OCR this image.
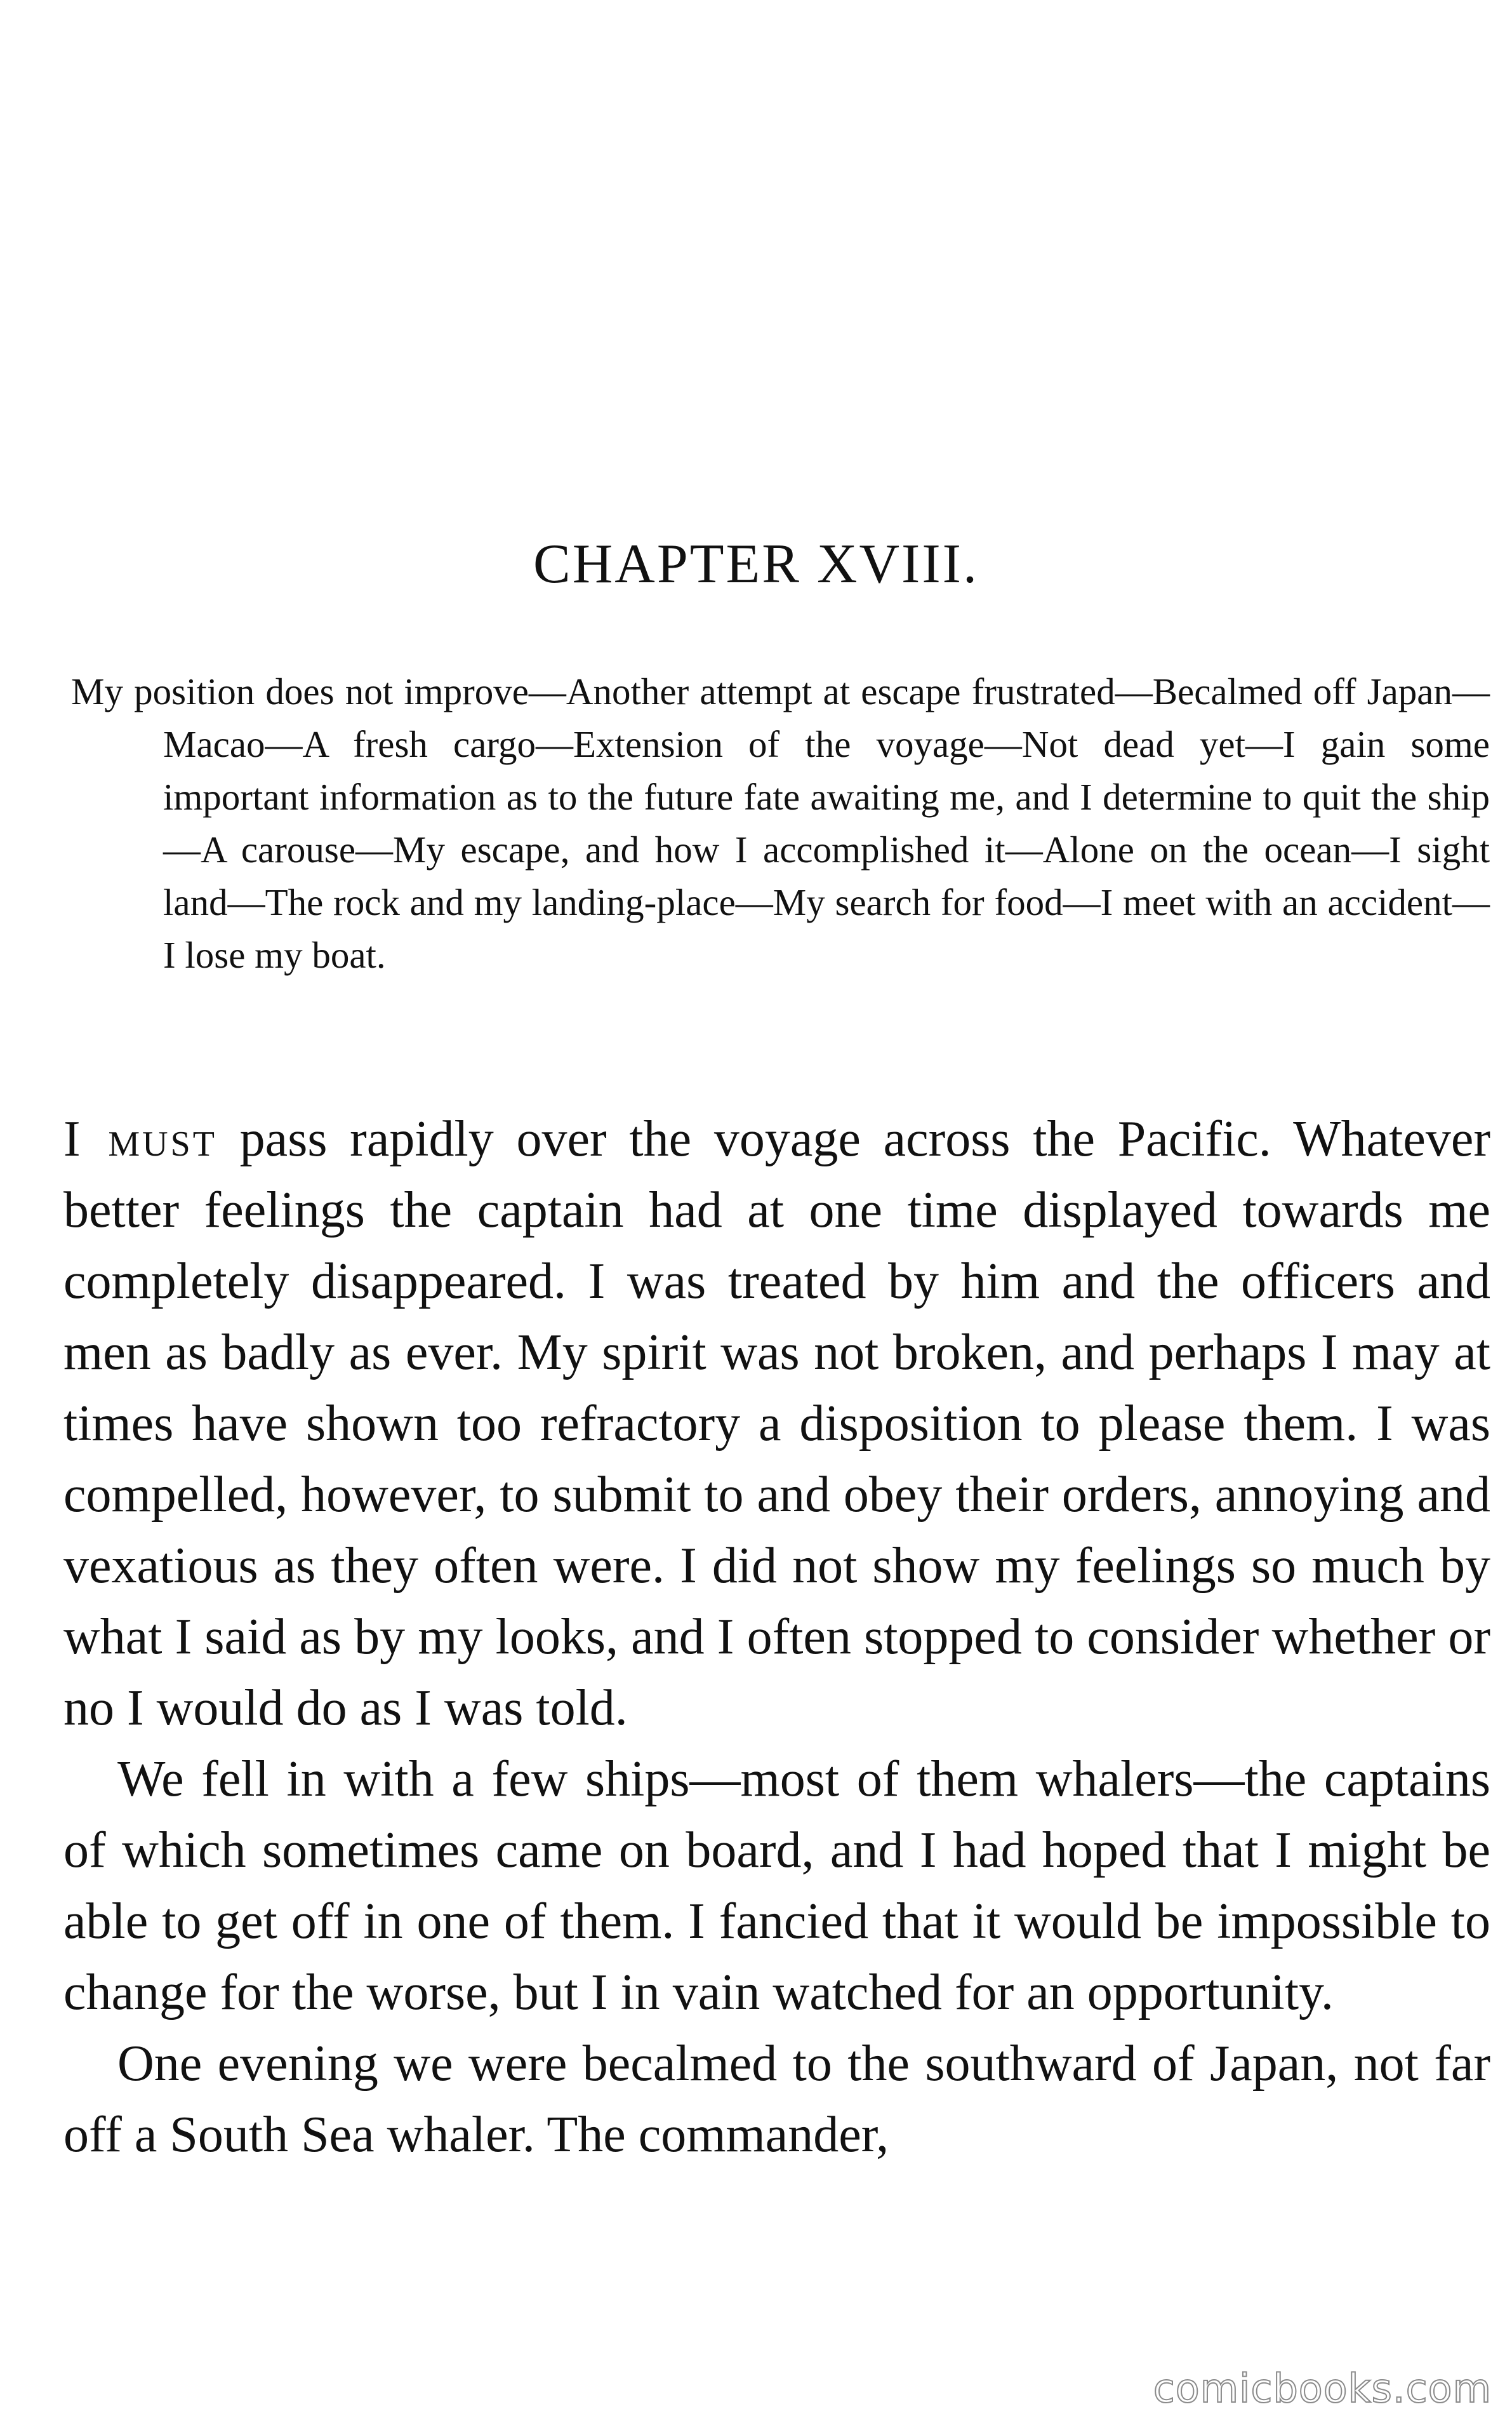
CHAPTER XVIII.
My position does not improve—Another attempt at escape frustrated—Becalmed off Japan—Macao—A fresh cargo—Extension of the voyage—Not dead yet—I gain some important information as to the future fate awaiting me, and I determine to quit the ship—A carouse—My escape, and how I accomplished it—Alone on the ocean—I sight land—The rock and my landing-place—My search for food—I meet with an accident—I lose my boat.

I must pass rapidly over the voyage across the Pacific. Whatever better feelings the captain had at one time displayed towards me completely disappeared. I was treated by him and the officers and men as badly as ever. My spirit was not broken, and perhaps I may at times have shown too refractory a disposition to please them. I was compelled, however, to submit to and obey their orders, annoying and vexatious as they often were. I did not show my feelings so much by what I said as by my looks, and I often stopped to consider whether or no I would do as I was told.

We fell in with a few ships—most of them whalers—the captains of which sometimes came on board, and I had hoped that I might be able to get off in one of them. I fancied that it would be impossible to change for the worse, but I in vain watched for an opportunity.

One evening we were becalmed to the southward of Japan, not far off a South Sea whaler. The commander,

comicbooks.com
